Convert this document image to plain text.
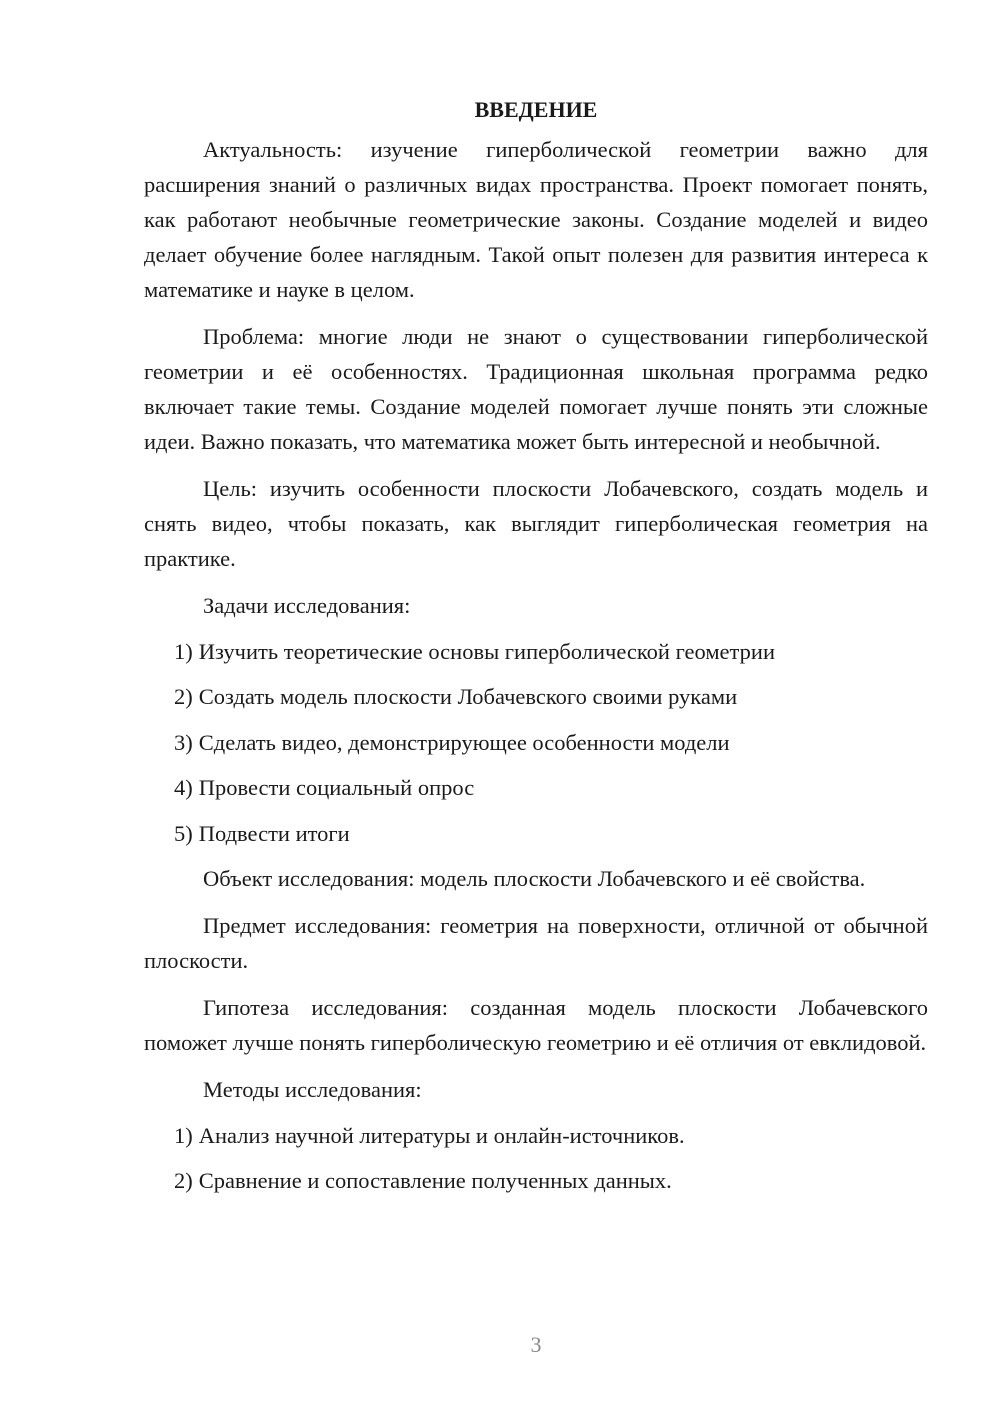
ВВЕДЕНИЕ

Актуальность: изучение гиперболической геометрии важно для расширения знаний о различных видах пространства. Проект помогает понять, как работают необычные геометрические законы. Создание моделей и видео делает обучение более наглядным. Такой опыт полезен для развития интереса к математике и науке в целом.

Проблема: многие люди не знают о существовании гиперболической геометрии и её особенностях. Традиционная школьная программа редко включает такие темы. Создание моделей помогает лучше понять эти сложные идеи. Важно показать, что математика может быть интересной и необычной.

Цель: изучить особенности плоскости Лобачевского, создать модель и снять видео, чтобы показать, как выглядит гиперболическая геометрия на практике.

Задачи исследования:
1) Изучить теоретические основы гиперболической геометрии
2) Создать модель плоскости Лобачевского своими руками
3) Сделать видео, демонстрирующее особенности модели
4) Провести социальный опрос
5) Подвести итоги

Объект исследования: модель плоскости Лобачевского и её свойства.

Предмет исследования: геометрия на поверхности, отличной от обычной плоскости.

Гипотеза исследования: созданная модель плоскости Лобачевского поможет лучше понять гиперболическую геометрию и её отличия от евклидовой.

Методы исследования:
1) Анализ научной литературы и онлайн-источников.
2) Сравнение и сопоставление полученных данных.
3
